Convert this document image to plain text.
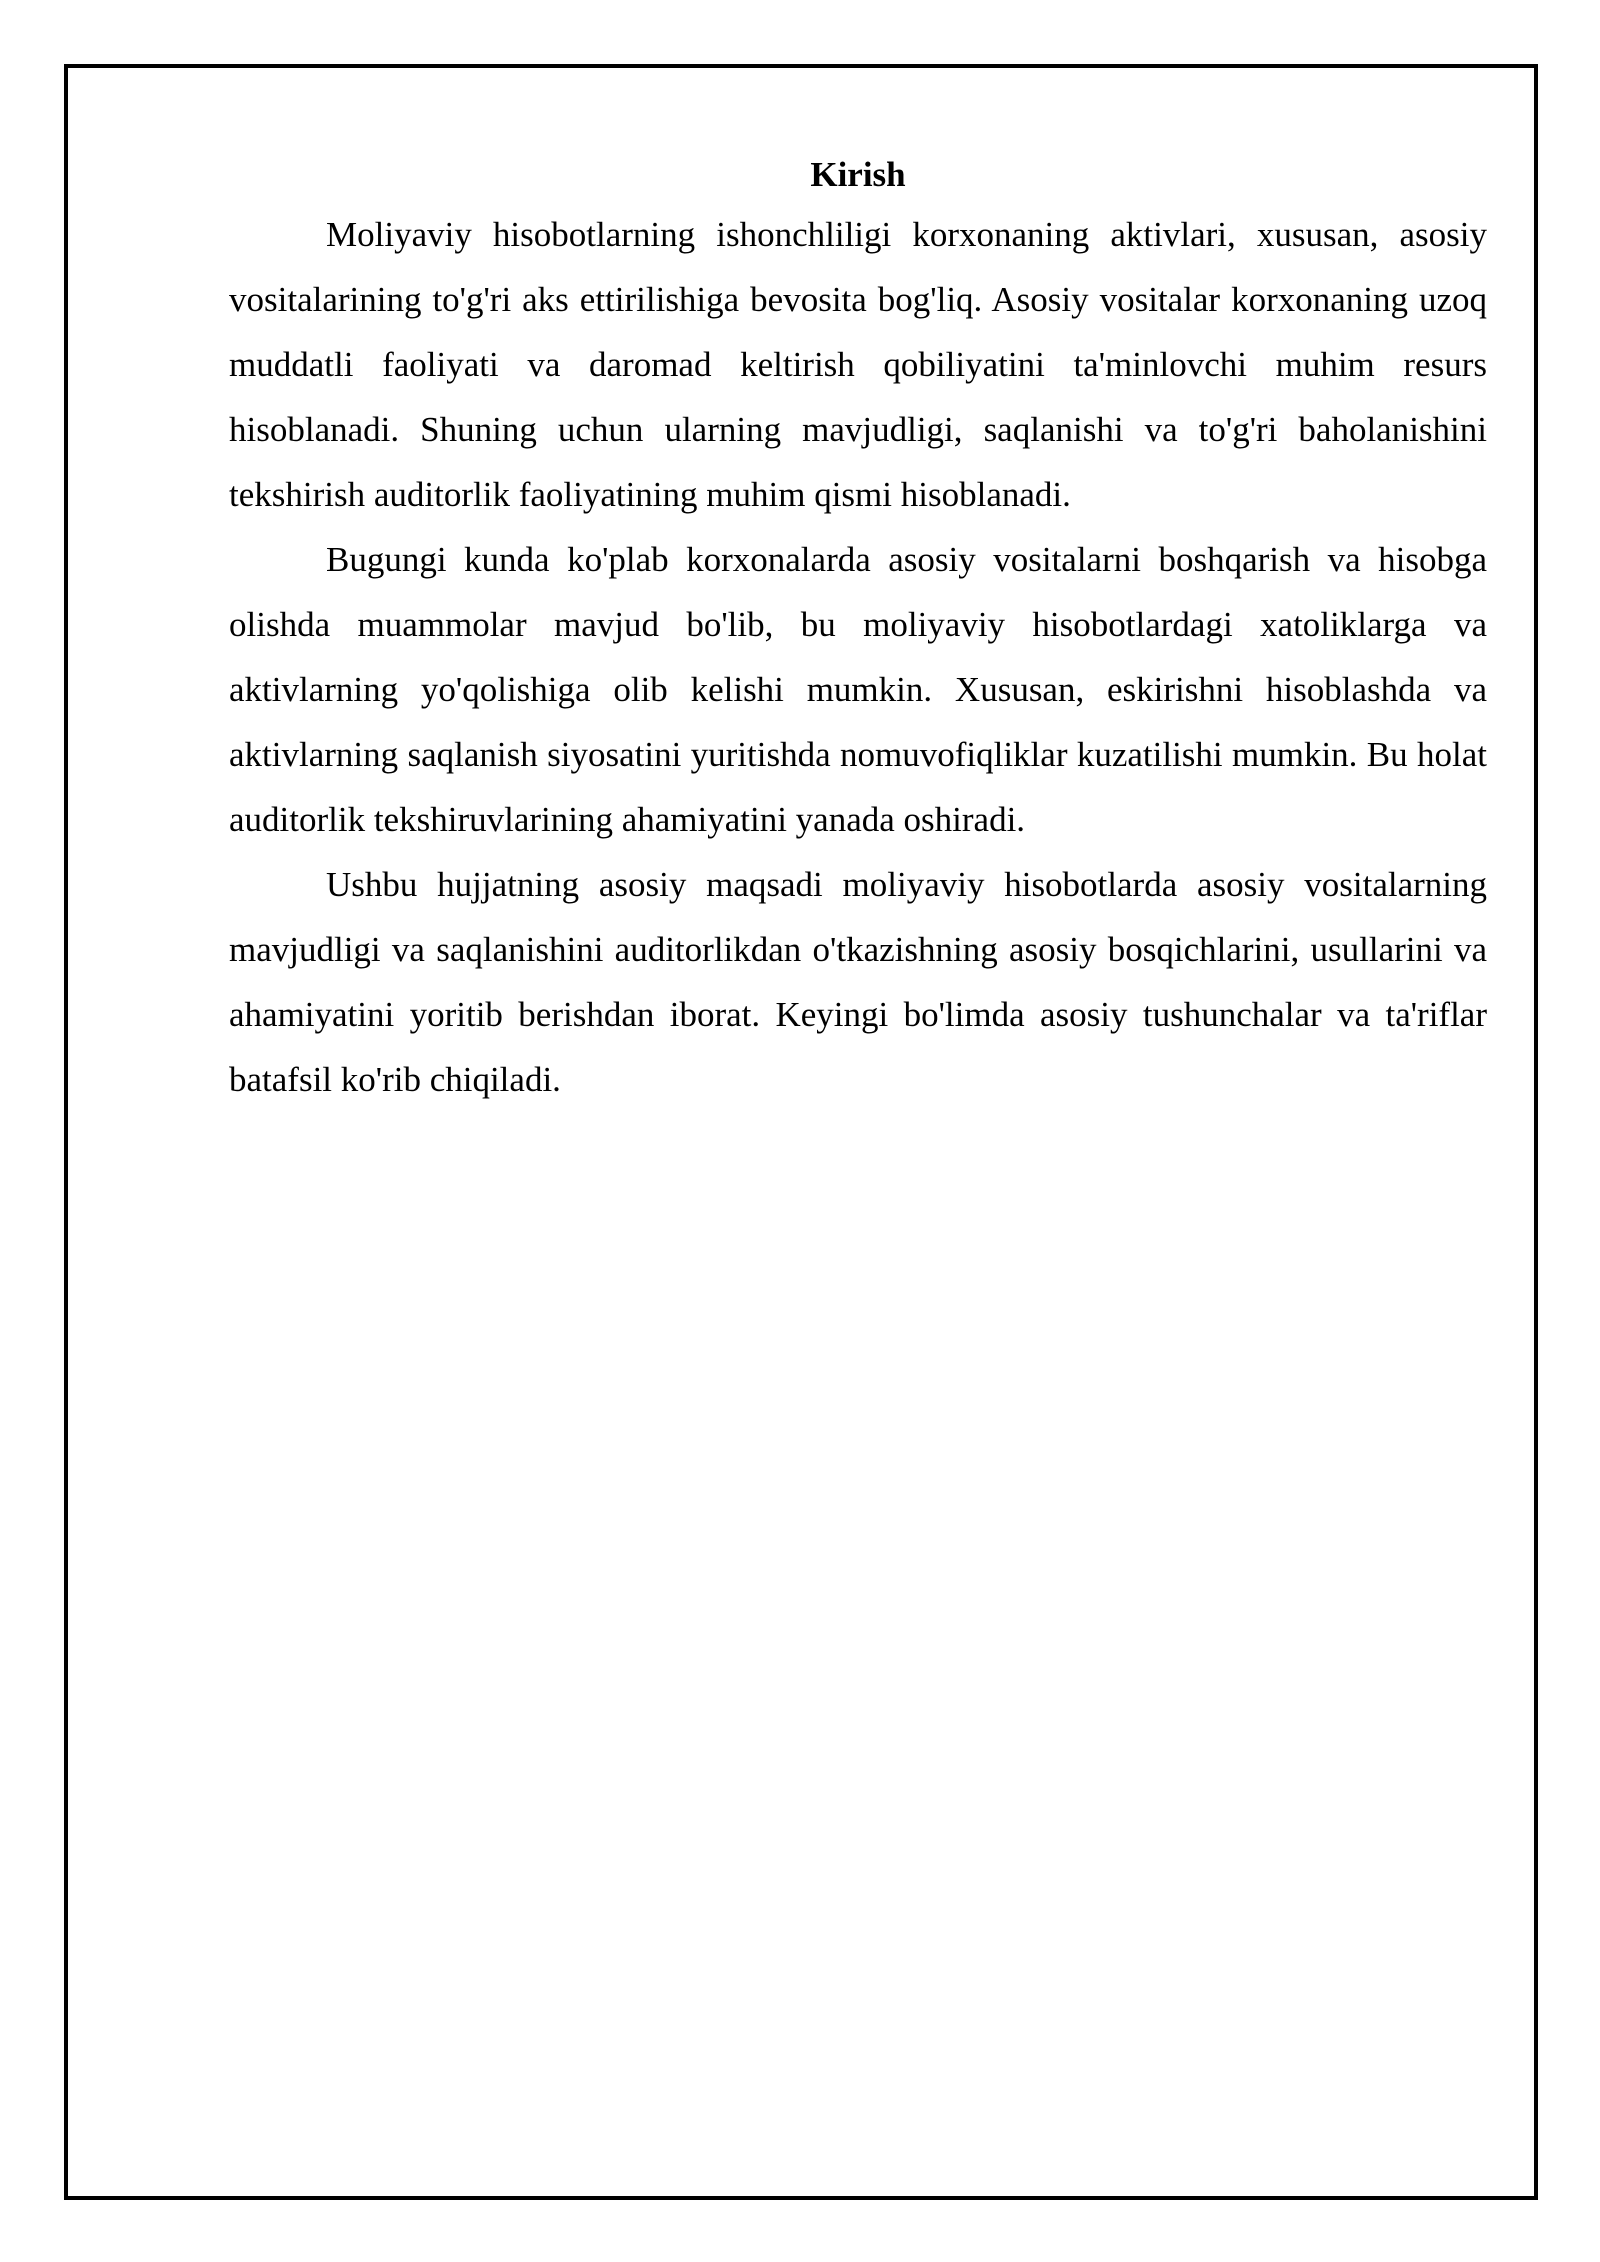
Kirish

Moliyaviy hisobotlarning ishonchliligi korxonaning aktivlari, xususan, asosiy vositalarining to'g'ri aks ettirilishiga bevosita bog'liq. Asosiy vositalar korxonaning uzoq muddatli faoliyati va daromad keltirish qobiliyatini ta'minlovchi muhim resurs hisoblanadi. Shuning uchun ularning mavjudligi, saqlanishi va to'g'ri baholanishini tekshirish auditorlik faoliyatining muhim qismi hisoblanadi.

Bugungi kunda ko'plab korxonalarda asosiy vositalarni boshqarish va hisobga olishda muammolar mavjud bo'lib, bu moliyaviy hisobotlardagi xatoliklarga va aktivlarning yo'qolishiga olib kelishi mumkin. Xususan, eskirishni hisoblashda va aktivlarning saqlanish siyosatini yuritishda nomuvofiqliklar kuzatilishi mumkin. Bu holat auditorlik tekshiruvlarining ahamiyatini yanada oshiradi.

Ushbu hujjatning asosiy maqsadi moliyaviy hisobotlarda asosiy vositalarning mavjudligi va saqlanishini auditorlikdan o'tkazishning asosiy bosqichlarini, usullarini va ahamiyatini yoritib berishdan iborat. Keyingi bo'limda asosiy tushunchalar va ta'riflar batafsil ko'rib chiqiladi.
